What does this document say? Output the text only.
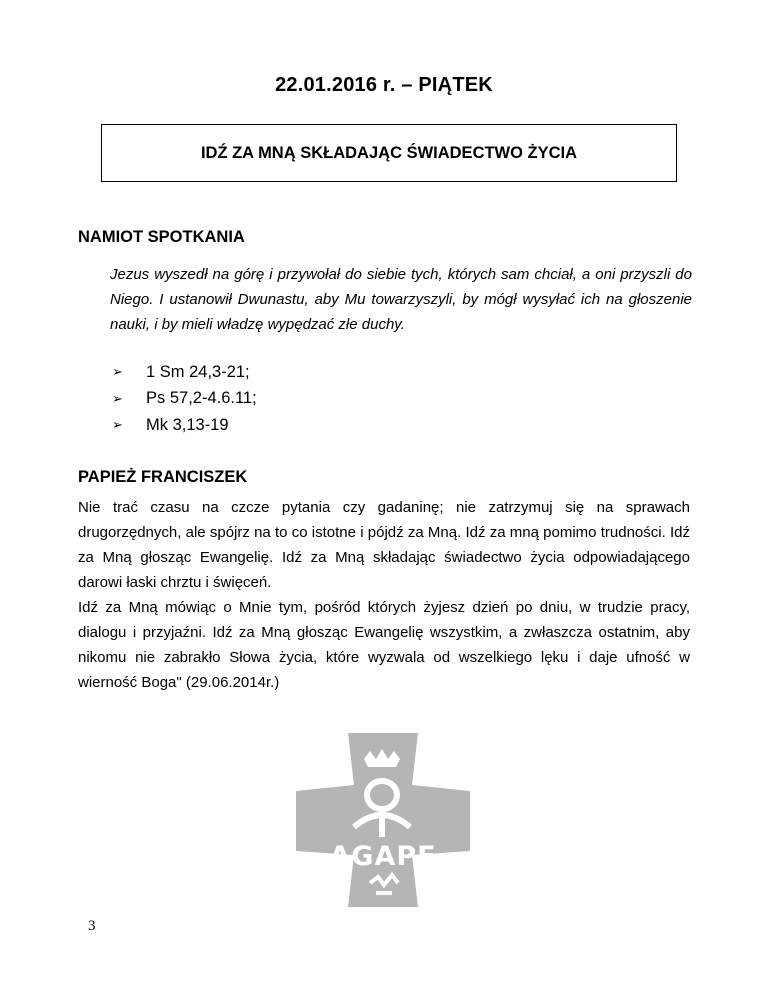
22.01.2016 r. – PIĄTEK
IDŹ ZA MNĄ SKŁADAJĄC ŚWIADECTWO ŻYCIA
NAMIOT SPOTKANIA
Jezus wyszedł na górę i przywołał do siebie tych, których sam chciał, a oni przyszli do Niego. I ustanowił Dwunastu, aby Mu towarzyszyli, by mógł wysyłać ich na głoszenie nauki, i by mieli władzę wypędzać złe duchy.
➢	1 Sm 24,3-21;
➢	Ps 57,2-4.6.11;
➢	Mk 3,13-19
PAPIEŻ FRANCISZEK

Nie trać czasu na czcze pytania czy gadaninę; nie zatrzymuj się na sprawach drugorzędnych, ale spójrz na to co istotne i pójdź za Mną. Idź za mną pomimo trudności. Idź za Mną głosząc Ewangelię. Idź za Mną składając świadectwo życia odpowiadającego darowi łaski chrztu i święceń.

Idź za Mną mówiąc o Mnie tym, pośród których żyjesz dzień po dniu, w trudzie pracy, dialogu i przyjaźni. Idź za Mną głosząc Ewangelię wszystkim, a zwłaszcza ostatnim, aby nikomu nie zabrakło Słowa życia, które wyzwala od wszelkiego lęku i daje ufność w wierność Boga" (29.06.2014r.)

AGAPE
3
